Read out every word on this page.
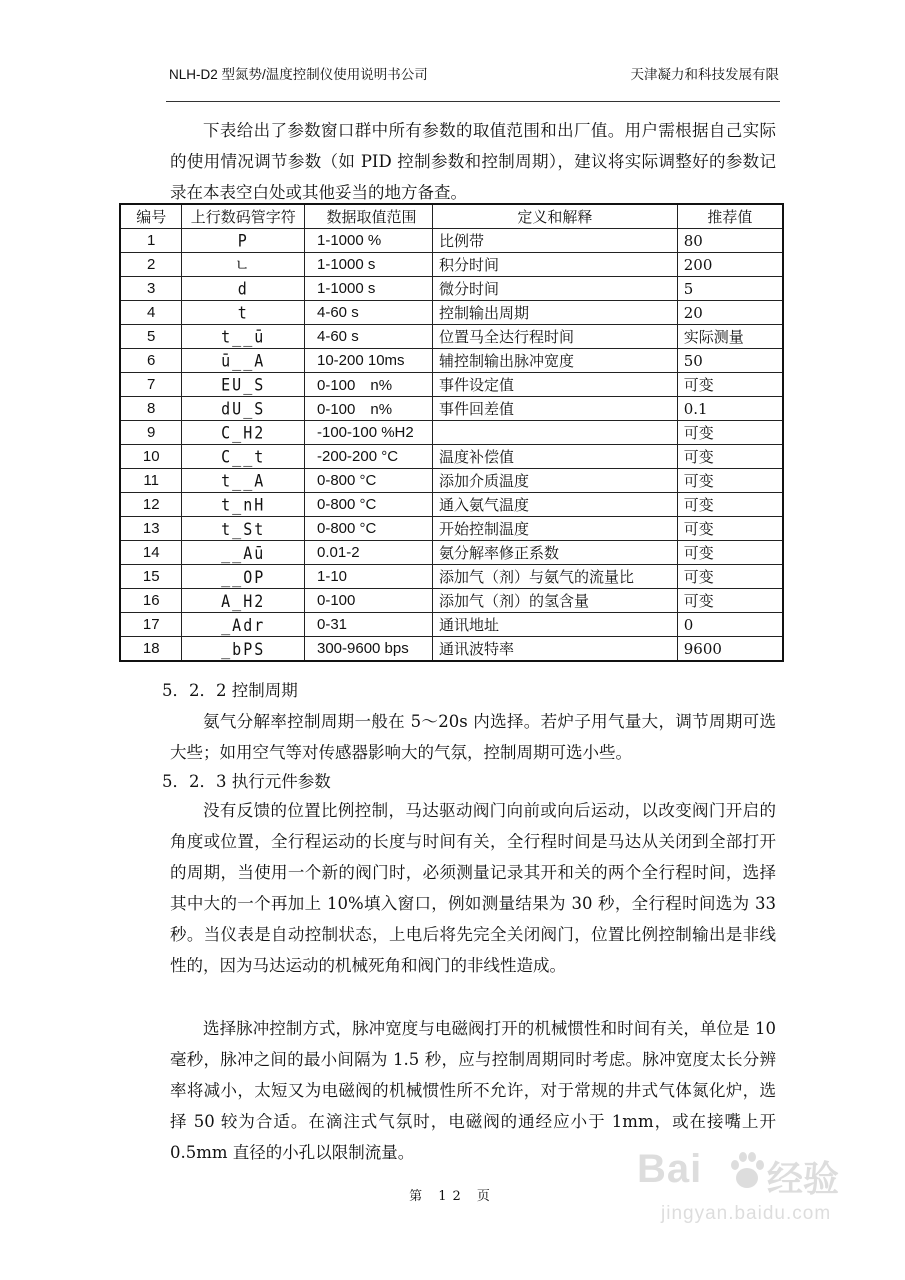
NLH-D2 型氮势/温度控制仪使用说明书公司	天津凝力和科技发展有限

下表给出了参数窗口群中所有参数的取值范围和出厂值。用户需根据自己实际的使用情况调节参数（如 PID 控制参数和控制周期），建议将实际调整好的参数记录在本表空白处或其他妥当的地方备查。

编号	上行数码管字符	数据取值范围	定义和解释	推荐值
1	P	1-1000 %	比例带	80
2	ㄴ	1-1000 s	积分时间	200
3	d	1-1000 s	微分时间	5
4	t	4-60 s	控制输出周期	20
5	t__ū	4-60 s	位置马全达行程时间	实际测量
6	ū__A	10-200 10ms	辅控制输出脉冲宽度	50
7	EU_S	0-100　n%	事件设定值	可变
8	dU_S	0-100　n%	事件回差值	0.1
9	C_H2	-100-100 %H2		可变
10	C__t	-200-200 °C	温度补偿值	可变
11	t__A	0-800 °C	添加介质温度	可变
12	t_nH	0-800 °C	通入氨气温度	可变
13	t_St	0-800 °C	开始控制温度	可变
14	__Aū	0.01-2	氨分解率修正系数	可变
15	__OP	1-10	添加气（剂）与氨气的流量比	可变
16	A_H2	0-100	添加气（剂）的氢含量	可变
17	_Adr	0-31	通讯地址	0
18	_bPS	300-9600 bps	通讯波特率	9600
5．2．2 控制周期

氨气分解率控制周期一般在 5～20s 内选择。若炉子用气量大，调节周期可选大些；如用空气等对传感器影响大的气氛，控制周期可选小些。

5．2．3 执行元件参数

没有反馈的位置比例控制，马达驱动阀门向前或向后运动，以改变阀门开启的角度或位置，全行程运动的长度与时间有关，全行程时间是马达从关闭到全部打开的周期，当使用一个新的阀门时，必须测量记录其开和关的两个全行程时间，选择其中大的一个再加上 10%填入窗口，例如测量结果为 30 秒，全行程时间选为 33 秒。当仪表是自动控制状态，上电后将先完全关闭阀门，位置比例控制输出是非线性的，因为马达运动的机械死角和阀门的非线性造成。

选择脉冲控制方式，脉冲宽度与电磁阀打开的机械惯性和时间有关，单位是 10 毫秒，脉冲之间的最小间隔为 1.5 秒，应与控制周期同时考虑。脉冲宽度太长分辨率将减小，太短又为电磁阀的机械惯性所不允许，对于常规的井式气体氮化炉，选择 50 较为合适。在滴注式气氛时，电磁阀的通经应小于 1mm，或在接嘴上开 0.5mm 直径的小孔以限制流量。

第 12 页
Bai 经验
jingyan.baidu.com
